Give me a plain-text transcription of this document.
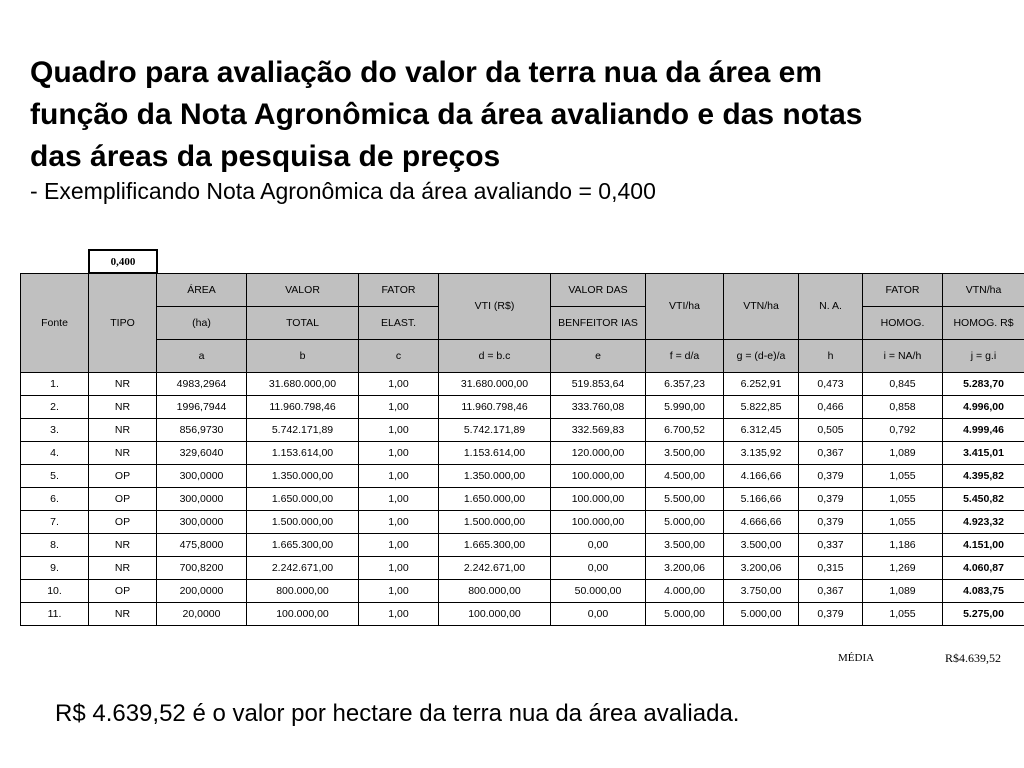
Quadro para avaliação do valor da terra nua da área em
função da Nota Agronômica da área avaliando e das notas
das áreas da pesquisa de preços
- Exemplificando Nota Agronômica da área avaliando = 0,400
0,400
Fonte	TIPO	ÁREA	VALOR	FATOR	VTI (R$)	VALOR DAS	VTI/ha	VTN/ha	N. A.	FATOR	VTN/ha
		(ha)	TOTAL	ELAST.		BENFEITOR IAS				HOMOG.	HOMOG. R$
		a	b	c	d = b.c	e	f = d/a	g = (d-e)/a	h	i = NA/h	j = g.i
1.	NR	4983,2964	31.680.000,00	1,00	31.680.000,00	519.853,64	6.357,23	6.252,91	0,473	0,845	5.283,70
2.	NR	1996,7944	11.960.798,46	1,00	11.960.798,46	333.760,08	5.990,00	5.822,85	0,466	0,858	4.996,00
3.	NR	856,9730	5.742.171,89	1,00	5.742.171,89	332.569,83	6.700,52	6.312,45	0,505	0,792	4.999,46
4.	NR	329,6040	1.153.614,00	1,00	1.153.614,00	120.000,00	3.500,00	3.135,92	0,367	1,089	3.415,01
5.	OP	300,0000	1.350.000,00	1,00	1.350.000,00	100.000,00	4.500,00	4.166,66	0,379	1,055	4.395,82
6.	OP	300,0000	1.650.000,00	1,00	1.650.000,00	100.000,00	5.500,00	5.166,66	0,379	1,055	5.450,82
7.	OP	300,0000	1.500.000,00	1,00	1.500.000,00	100.000,00	5.000,00	4.666,66	0,379	1,055	4.923,32
8.	NR	475,8000	1.665.300,00	1,00	1.665.300,00	0,00	3.500,00	3.500,00	0,337	1,186	4.151,00
9.	NR	700,8200	2.242.671,00	1,00	2.242.671,00	0,00	3.200,06	3.200,06	0,315	1,269	4.060,87
10.	OP	200,0000	800.000,00	1,00	800.000,00	50.000,00	4.000,00	3.750,00	0,367	1,089	4.083,75
11.	NR	20,0000	100.000,00	1,00	100.000,00	0,00	5.000,00	5.000,00	0,379	1,055	5.275,00
MÉDIA	R$4.639,52
R$ 4.639,52 é o valor por hectare da terra nua da área avaliada.
